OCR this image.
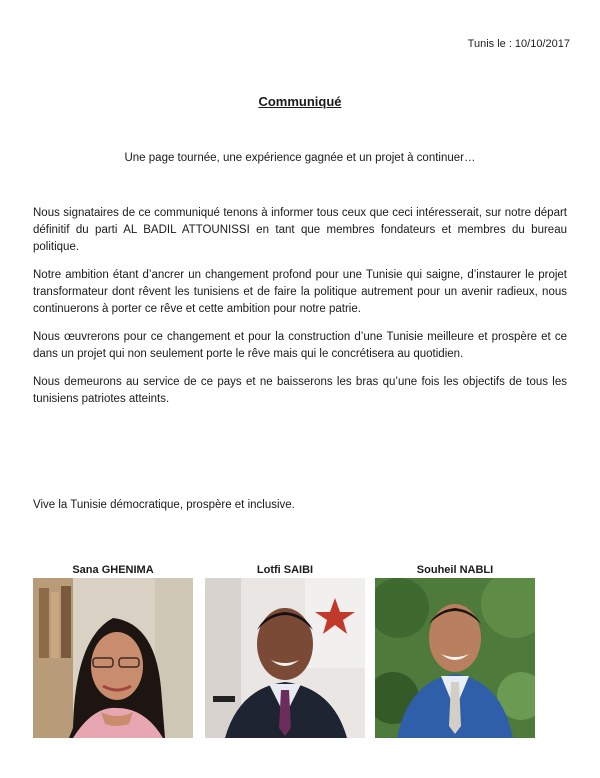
Tunis le : 10/10/2017
Communiqué
Une page tournée, une expérience gagnée et un projet à continuer…

Nous signataires de ce communiqué tenons à informer tous ceux que ceci intéresserait, sur notre départ définitif du parti AL BADIL ATTOUNISSI en tant que membres fondateurs et membres du bureau politique.

Notre ambition étant d’ancrer un changement profond pour une Tunisie qui saigne, d’instaurer le projet transformateur dont rêvent les tunisiens et de faire la politique autrement pour un avenir radieux, nous continuerons à porter ce rêve et cette ambition pour notre patrie.

Nous œuvrerons pour ce changement et pour la construction d’une Tunisie meilleure et prospère et ce dans un projet qui non seulement porte le rêve mais qui le concrétisera au quotidien.

Nous demeurons au service de ce pays et ne baisserons les bras qu’une fois les objectifs de tous les tunisiens patriotes atteints.

Vive la Tunisie démocratique, prospère et inclusive.
Sana GHENIMA	Lotfi SAIBI	Souheil NABLI
